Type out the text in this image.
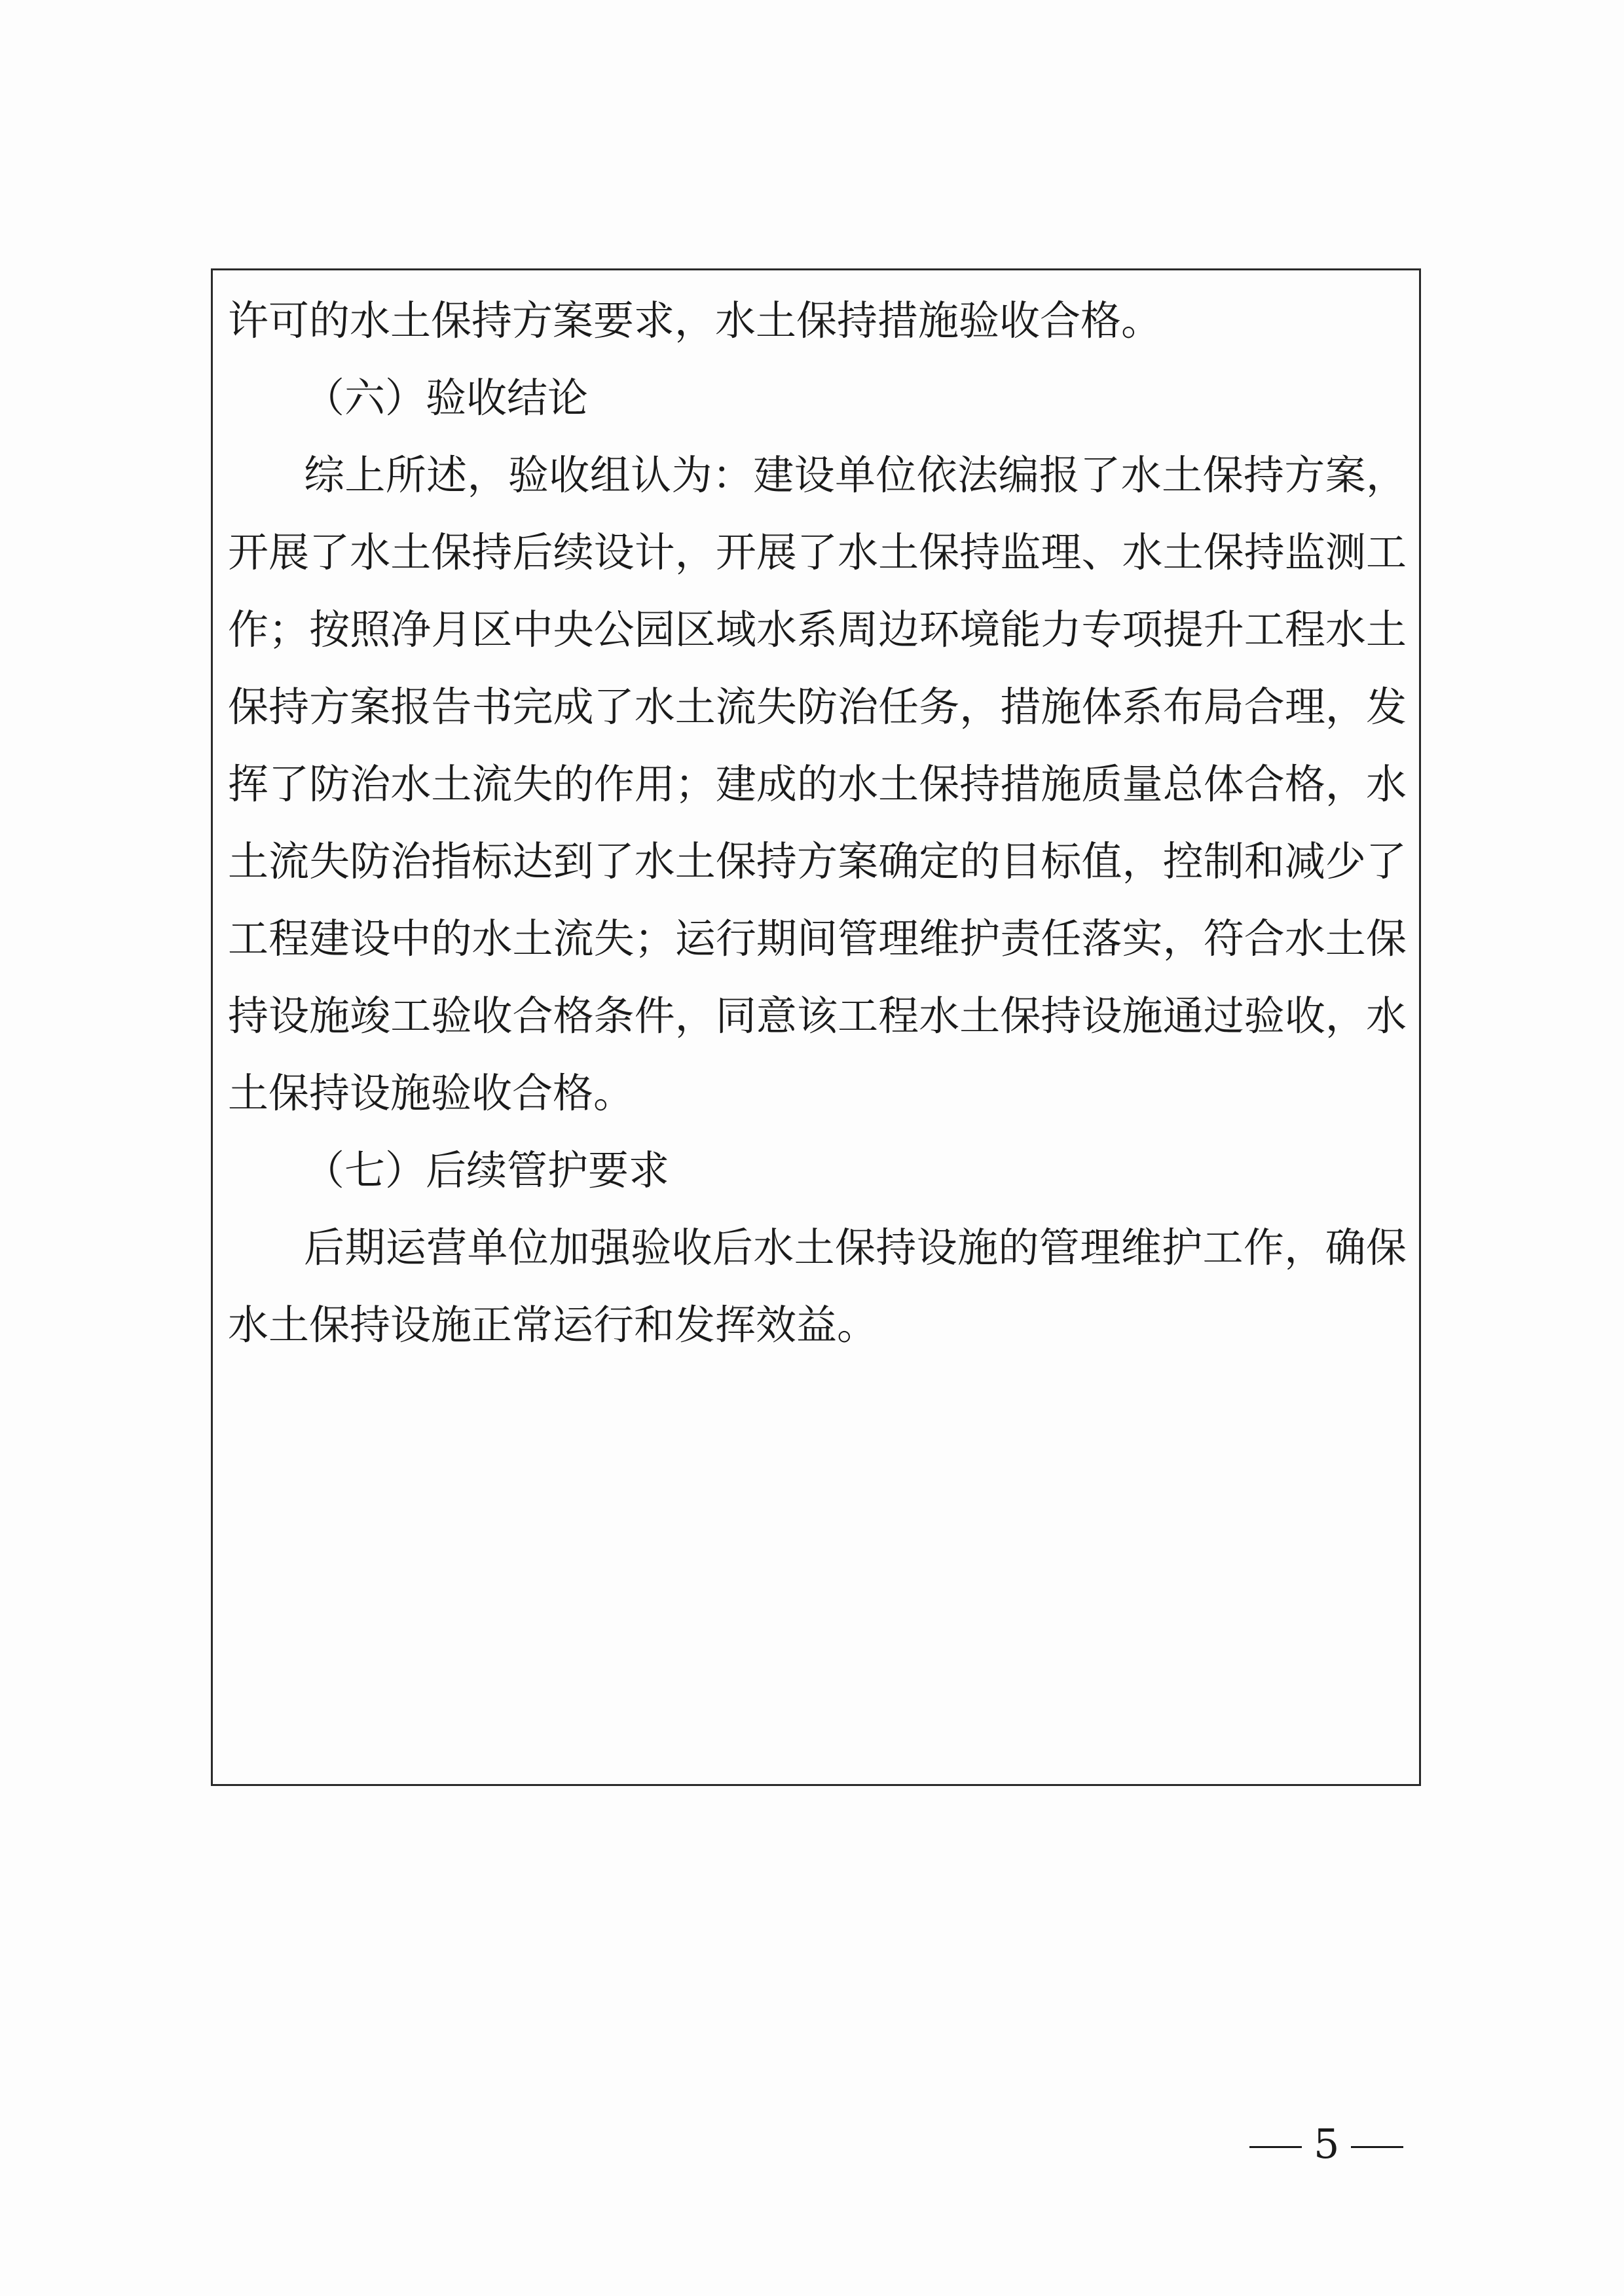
许可的水土保持方案要求，水土保持措施验收合格。
（六）验收结论
综上所述，验收组认为：建设单位依法编报了水土保持方案，
开展了水土保持后续设计，开展了水土保持监理、水土保持监测工
作；按照净月区中央公园区域水系周边环境能力专项提升工程水土
保持方案报告书完成了水土流失防治任务，措施体系布局合理，发
挥了防治水土流失的作用；建成的水土保持措施质量总体合格，水
土流失防治指标达到了水土保持方案确定的目标值，控制和减少了
工程建设中的水土流失；运行期间管理维护责任落实，符合水土保
持设施竣工验收合格条件，同意该工程水土保持设施通过验收，水
土保持设施验收合格。
（七）后续管护要求
后期运营单位加强验收后水土保持设施的管理维护工作，确保
水土保持设施正常运行和发挥效益。
5
